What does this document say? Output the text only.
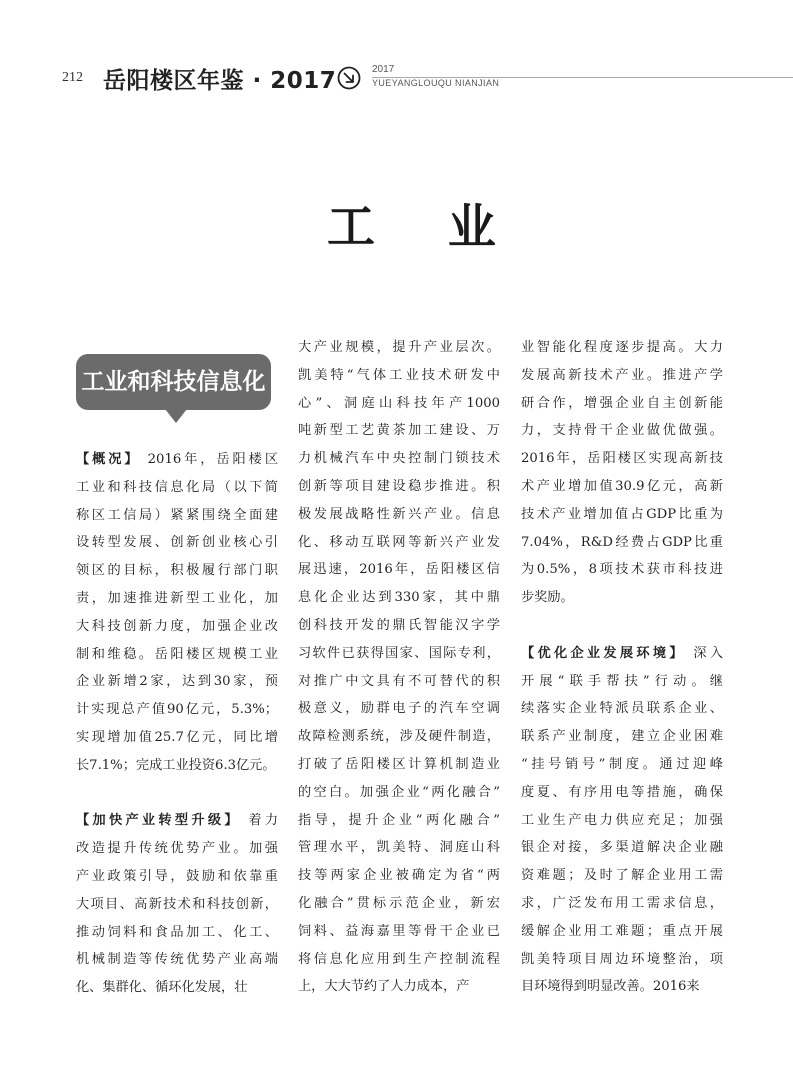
212 岳阳楼区年鉴 · 2017	2017
YUEYANGLOUQU NIANJIAN
工 业
工业和科技信息化
【概况】 2016年，岳阳楼区
工业和科技信息化局（以下简
称区工信局）紧紧围绕全面建
设转型发展、创新创业核心引
领区的目标，积极履行部门职
责，加速推进新型工业化，加
大科技创新力度，加强企业改
制和维稳。岳阳楼区规模工业
企业新增2家，达到30家，预
计实现总产值90亿元，5.3%；
实现增加值25.7亿元，同比增
长7.1%；完成工业投资6.3亿元。
【加快产业转型升级】 着力
改造提升传统优势产业。加强
产业政策引导，鼓励和依靠重
大项目、高新技术和科技创新，
推动饲料和食品加工、化工、
机械制造等传统优势产业高端
化、集群化、循环化发展，壮
大产业规模，提升产业层次。
凯美特“气体工业技术研发中
心”、洞庭山科技年产1000
吨新型工艺黄茶加工建设、万
力机械汽车中央控制门锁技术
创新等项目建设稳步推进。积
极发展战略性新兴产业。信息
化、移动互联网等新兴产业发
展迅速，2016年，岳阳楼区信
息化企业达到330家，其中鼎
创科技开发的鼎氏智能汉字学
习软件已获得国家、国际专利，
对推广中文具有不可替代的积
极意义，励群电子的汽车空调
故障检测系统，涉及硬件制造，
打破了岳阳楼区计算机制造业
的空白。加强企业“两化融合”
指导，提升企业“两化融合”
管理水平，凯美特、洞庭山科
技等两家企业被确定为省“两
化融合”贯标示范企业，新宏
饲料、益海嘉里等骨干企业已
将信息化应用到生产控制流程
上，大大节约了人力成本，产
业智能化程度逐步提高。大力
发展高新技术产业。推进产学
研合作，增强企业自主创新能
力，支持骨干企业做优做强。
2016年，岳阳楼区实现高新技
术产业增加值30.9亿元，高新
技术产业增加值占GDP比重为
7.04%，R&D经费占GDP比重
为0.5%，8项技术获市科技进
步奖励。
【优化企业发展环境】 深入
开展“联手帮扶”行动。继
续落实企业特派员联系企业、
联系产业制度，建立企业困难
“挂号销号”制度。通过迎峰
度夏、有序用电等措施，确保
工业生产电力供应充足；加强
银企对接，多渠道解决企业融
资难题；及时了解企业用工需
求，广泛发布用工需求信息，
缓解企业用工难题；重点开展
凯美特项目周边环境整治，项
目环境得到明显改善。2016来
